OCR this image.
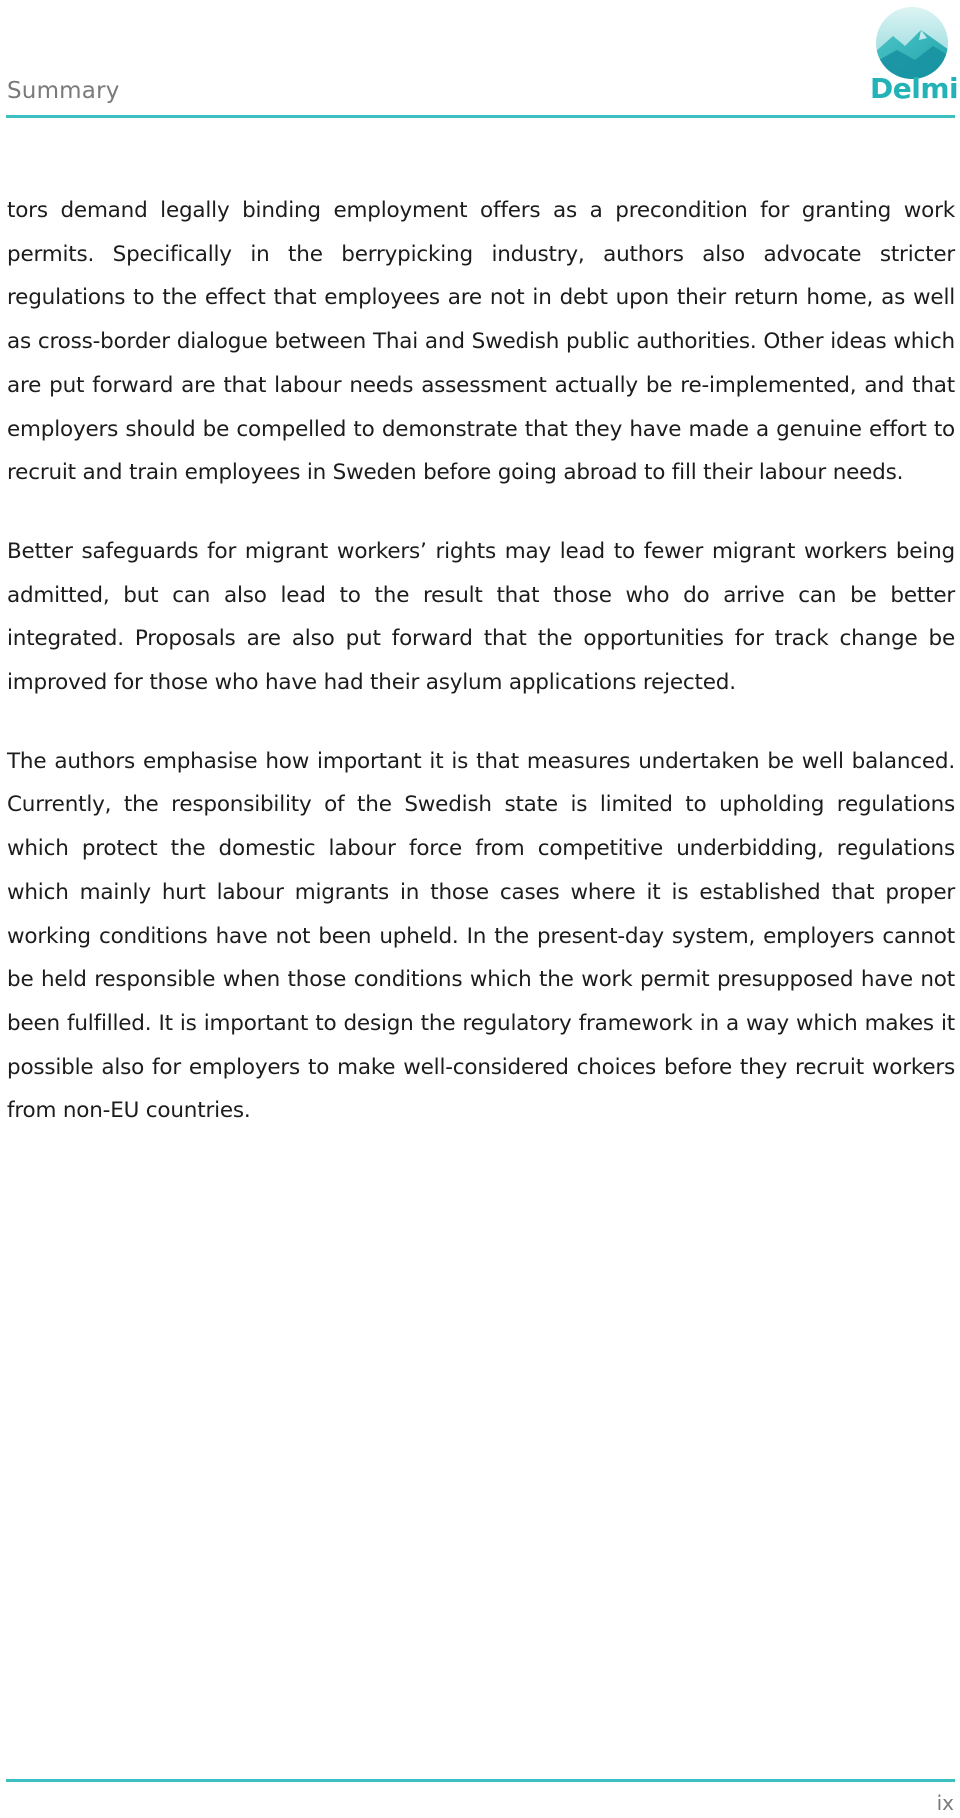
Summary	Delmi

tors demand legally binding employment offers as a precondition for granting work permits. Specifically in the berrypicking industry, authors also advocate stricter regulations to the effect that employees are not in debt upon their return home, as well as cross-border dialogue between Thai and Swedish public authorities. Other ideas which are put forward are that labour needs assessment actually be re-implemented, and that employers should be compelled to demonstrate that they have made a genuine effort to recruit and train employees in Sweden before going abroad to fill their labour needs.

Better safeguards for migrant workers’ rights may lead to fewer migrant workers being admitted, but can also lead to the result that those who do arrive can be better integrated. Proposals are also put forward that the opportunities for track change be improved for those who have had their asylum applications rejected.

The authors emphasise how important it is that measures undertaken be well balanced. Currently, the responsibility of the Swedish state is limited to upholding regulations which protect the domestic labour force from competitive underbidding, regulations which mainly hurt labour migrants in those cases where it is established that proper working conditions have not been upheld. In the present-day system, employers cannot be held responsible when those conditions which the work permit presupposed have not been fulfilled. It is important to design the regulatory framework in a way which makes it possible also for employers to make well-considered choices before they recruit workers from non-EU countries.

ix
